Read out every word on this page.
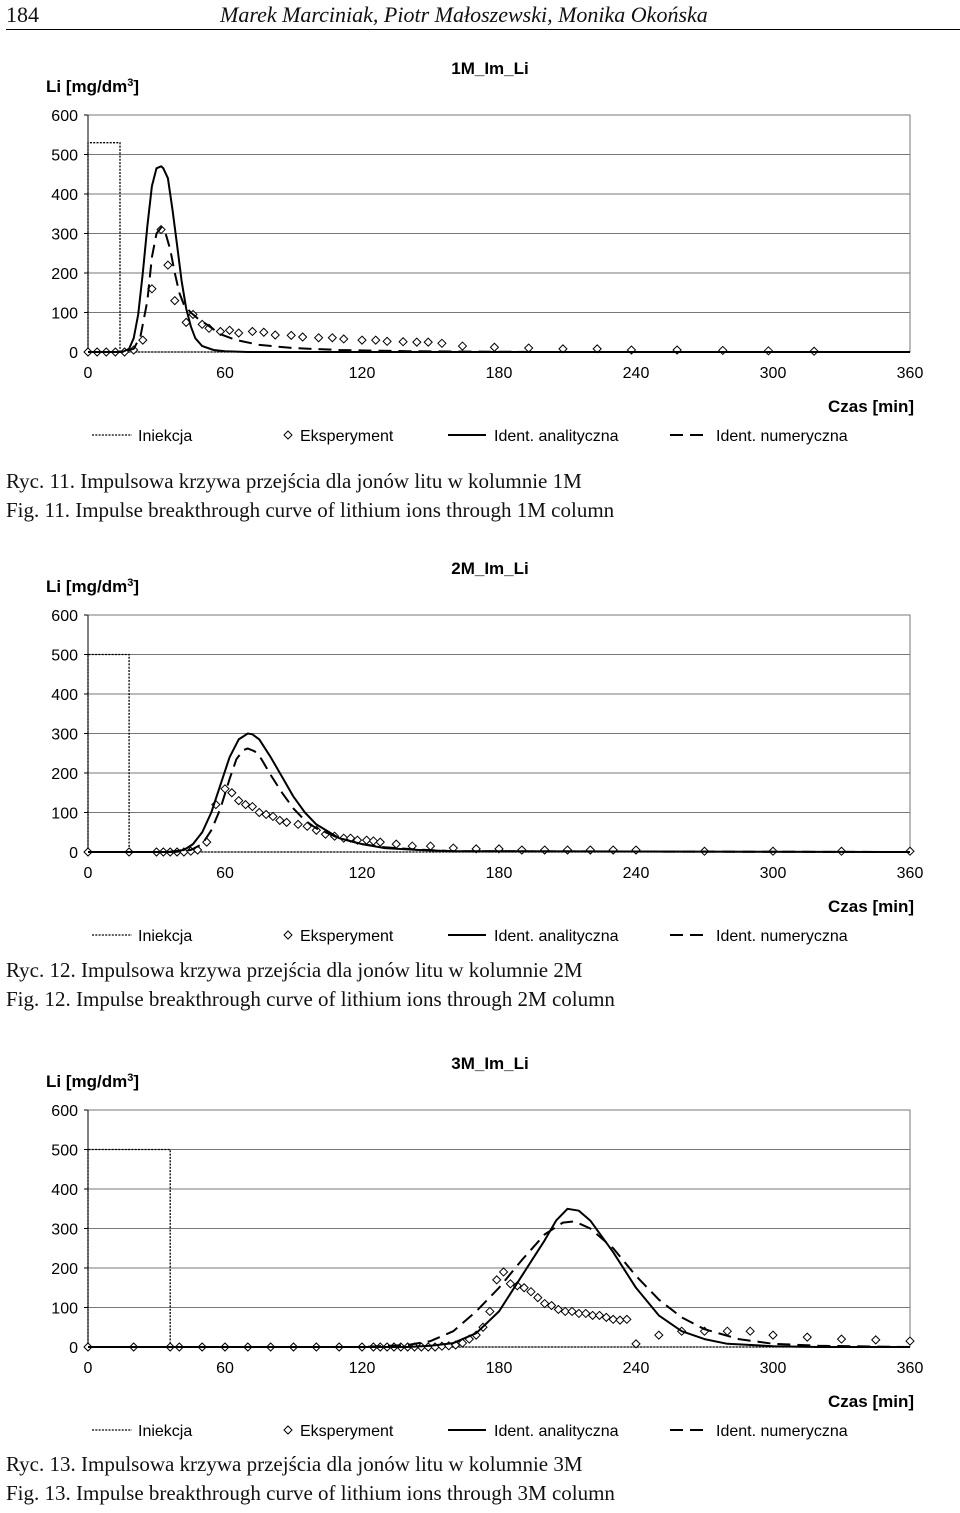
184	Marek Marciniak, Piotr Małoszewski, Monika Okońska
Li $[mg/dm^3]$
1M_Im_Li
0
100
200
300
400
500
600
0	60	120	180	240	300	360
Czas [min]
Iniekcja	Eksperyment	Ident. analityczna	Ident. numeryczna
Ryc. 11. Impulsowa krzywa przejścia dla jonów litu w kolumnie 1M
Fig. 11. Impulse breakthrough curve of lithium ions through 1M column
Li $[mg/dm^3]$
2M_Im_Li
0
100
200
300
400
500
600
0	60	120	180	240	300	360
Czas [min]
Iniekcja	Eksperyment	Ident. analityczna	Ident. numeryczna
Ryc. 12. Impulsowa krzywa przejścia dla jonów litu w kolumnie 2M
Fig. 12. Impulse breakthrough curve of lithium ions through 2M column
Li $[mg/dm^3]$
3M_Im_Li
0
100
200
300
400
500
600
0	60	120	180	240	300	360
Czas [min]
Iniekcja	Eksperyment	Ident. analityczna	Ident. numeryczna
Ryc. 13. Impulsowa krzywa przejścia dla jonów litu w kolumnie 3M
Fig. 13. Impulse breakthrough curve of lithium ions through 3M column
